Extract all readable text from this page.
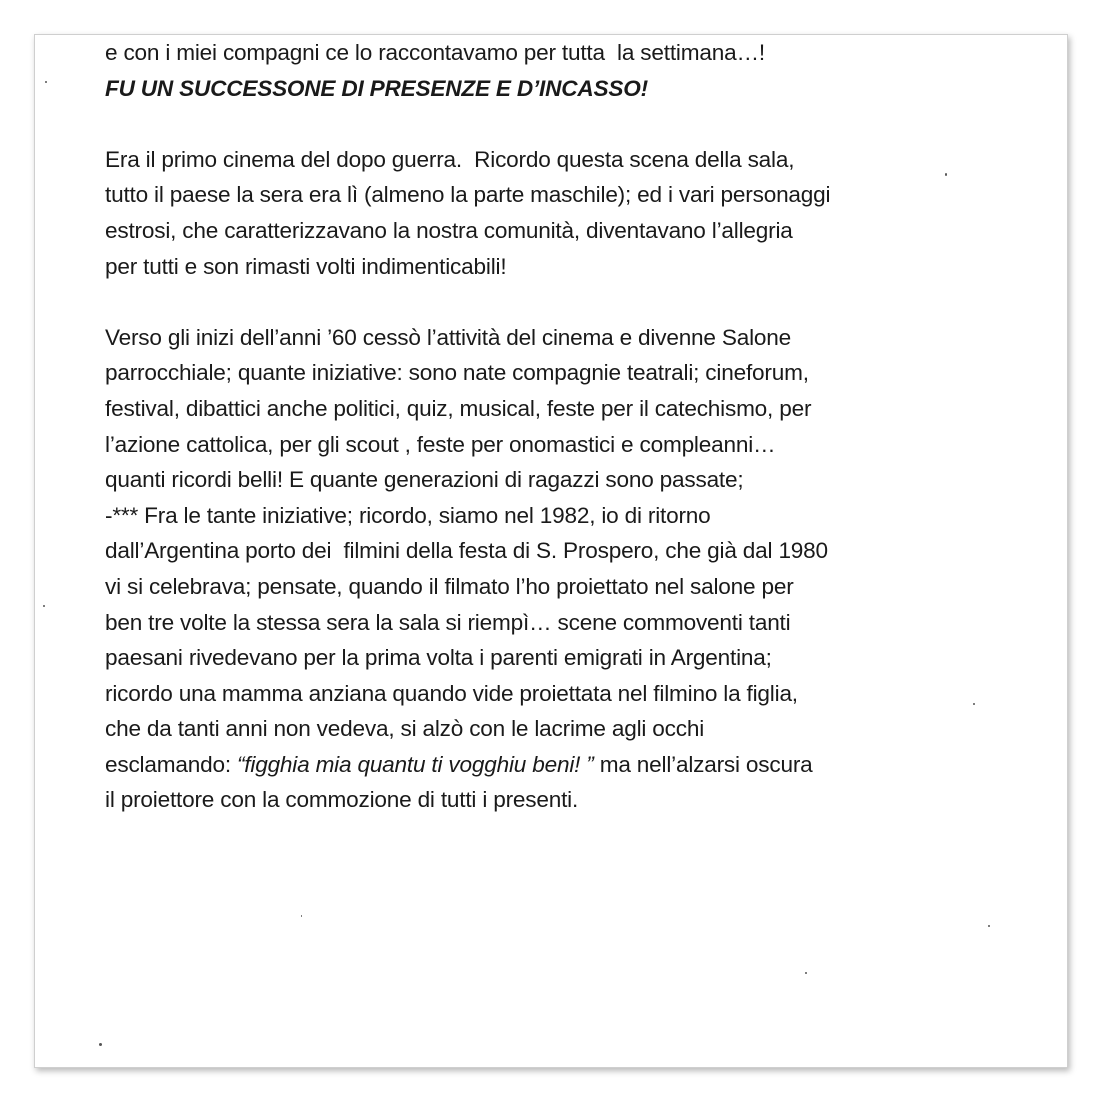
e con i miei compagni ce lo raccontavamo per tutta  la settimana…!
FU UN SUCCESSONE DI PRESENZE E D’INCASSO!
Era il primo cinema del dopo guerra.  Ricordo questa scena della sala,
tutto il paese la sera era lì (almeno la parte maschile); ed i vari personaggi
estrosi, che caratterizzavano la nostra comunità, diventavano l’allegria
per tutti e son rimasti volti indimenticabili!
Verso gli inizi dell’anni ’60 cessò l’attività del cinema e divenne Salone
parrocchiale; quante iniziative: sono nate compagnie teatrali; cineforum,
festival, dibattici anche politici, quiz, musical, feste per il catechismo, per
l’azione cattolica, per gli scout , feste per onomastici e compleanni…
quanti ricordi belli! E quante generazioni di ragazzi sono passate;
-*** Fra le tante iniziative; ricordo, siamo nel 1982, io di ritorno
dall’Argentina porto dei  filmini della festa di S. Prospero, che già dal 1980
vi si celebrava; pensate, quando il filmato l’ho proiettato nel salone per
ben tre volte la stessa sera la sala si riempì… scene commoventi tanti
paesani rivedevano per la prima volta i parenti emigrati in Argentina;
ricordo una mamma anziana quando vide proiettata nel filmino la figlia,
che da tanti anni non vedeva, si alzò con le lacrime agli occhi
esclamando: “figghia mia quantu ti vogghiu beni! ” ma nell’alzarsi oscura
il proiettore con la commozione di tutti i presenti.
